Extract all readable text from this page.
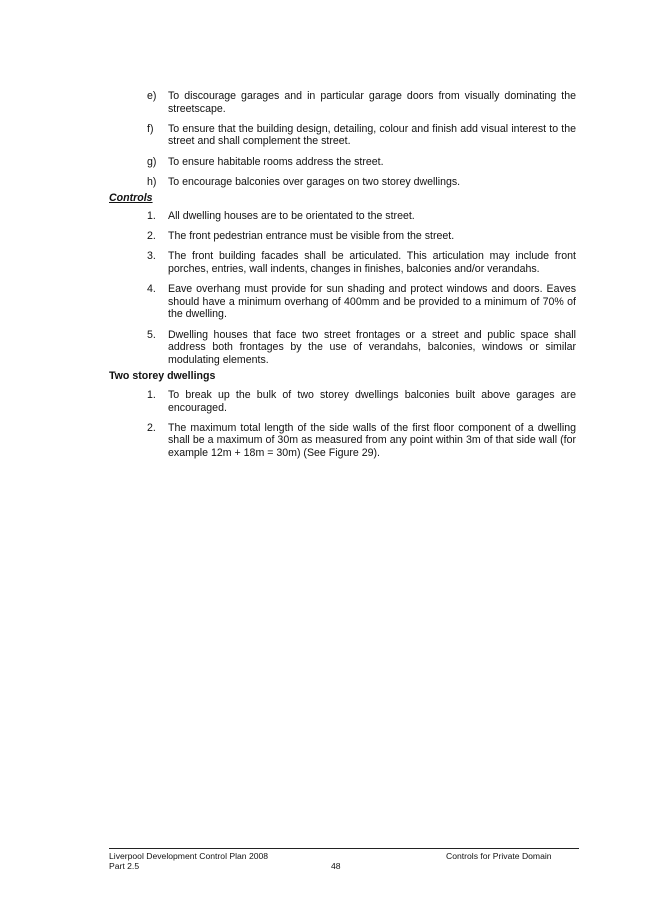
e) To discourage garages and in particular garage doors from visually dominating the streetscape.
f) To ensure that the building design, detailing, colour and finish add visual interest to the street and shall complement the street.
g) To ensure habitable rooms address the street.
h) To encourage balconies over garages on two storey dwellings.
Controls
1. All dwelling houses are to be orientated to the street.
2. The front pedestrian entrance must be visible from the street.
3. The front building facades shall be articulated. This articulation may include front porches, entries, wall indents, changes in finishes, balconies and/or verandahs.
4. Eave overhang must provide for sun shading and protect windows and doors. Eaves should have a minimum overhang of 400mm and be provided to a minimum of 70% of the dwelling.
5. Dwelling houses that face two street frontages or a street and public space shall address both frontages by the use of verandahs, balconies, windows or similar modulating elements.
Two storey dwellings
1. To break up the bulk of two storey dwellings balconies built above garages are encouraged.
2. The maximum total length of the side walls of the first floor component of a dwelling shall be a maximum of 30m as measured from any point within 3m of that side wall (for example 12m + 18m = 30m) (See Figure 29).
Liverpool Development Control Plan 2008
Part 2.5	48
Controls for Private Domain
